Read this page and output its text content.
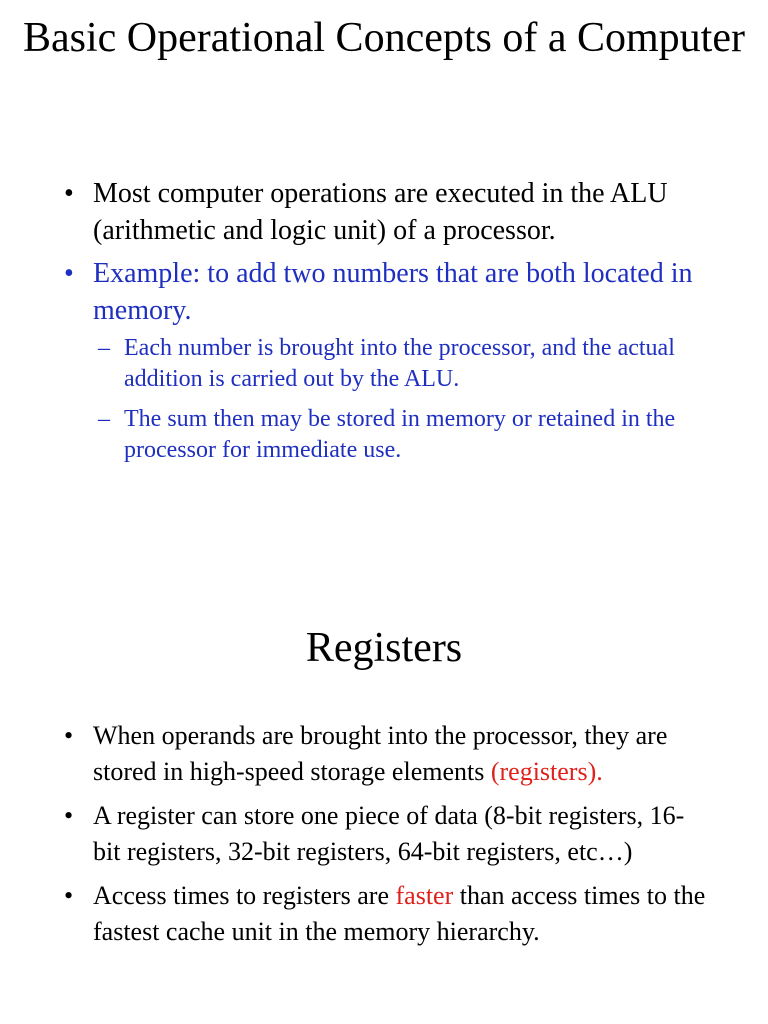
Basic Operational Concepts of a Computer
• Most computer operations are executed in the ALU (arithmetic and logic unit) of a processor.
• Example: to add two numbers that are both located in memory.
– Each number is brought into the processor, and the actual addition is carried out by the ALU.
– The sum then may be stored in memory or retained in the processor for immediate use.
Registers
• When operands are brought into the processor, they are stored in high-speed storage elements (registers).
• A register can store one piece of data (8-bit registers, 16-bit registers, 32-bit registers, 64-bit registers, etc…)
• Access times to registers are faster than access times to the fastest cache unit in the memory hierarchy.
